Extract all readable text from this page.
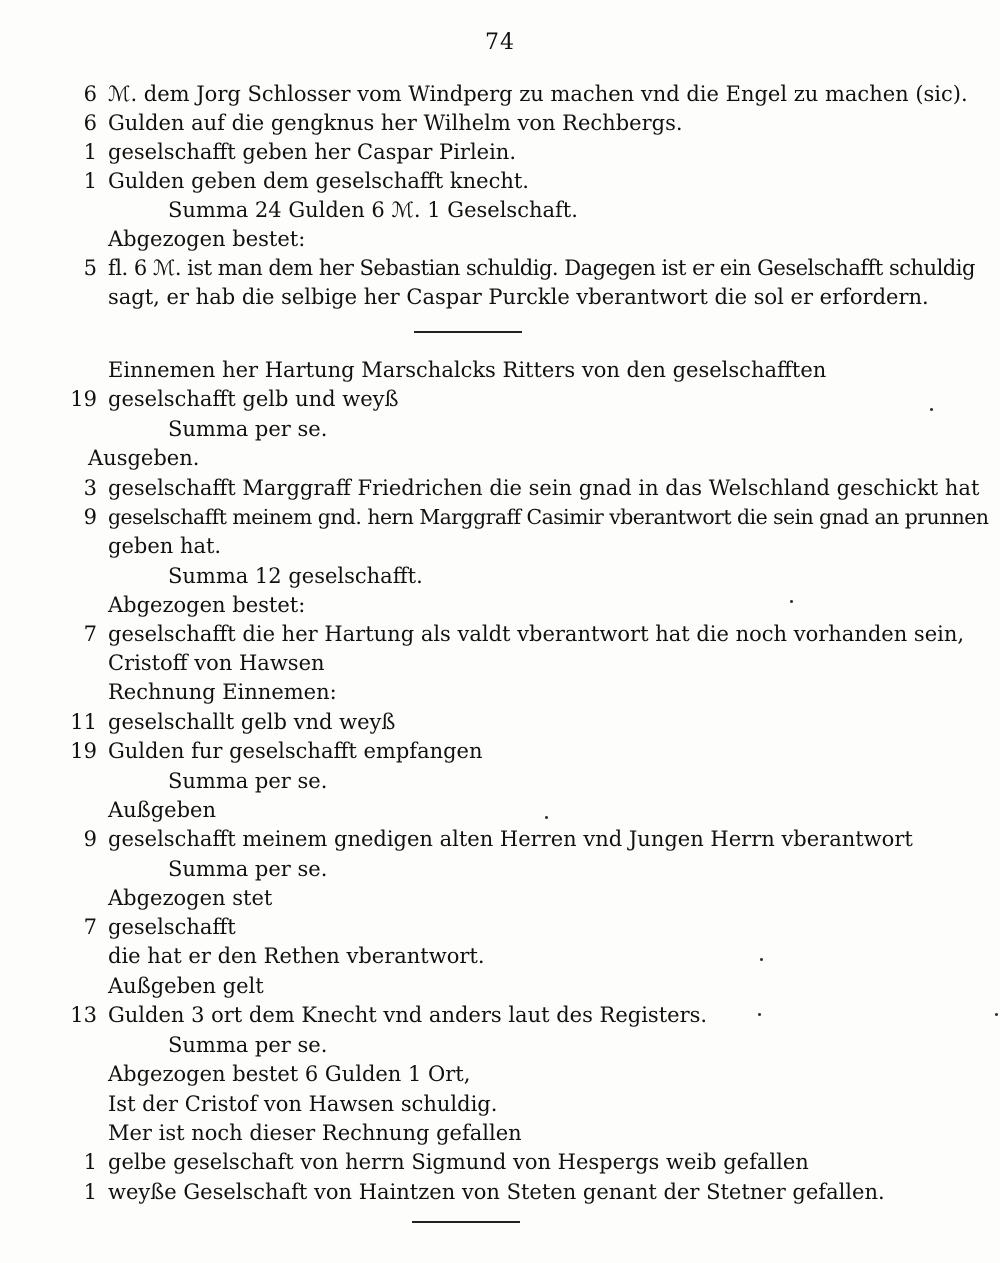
74
6 ℳ. dem Jorg Schlosser vom Windperg zu machen vnd die Engel zu machen (sic).
6 Gulden auf die gengknus her Wilhelm von Rechbergs.
1 geselschafft geben her Caspar Pirlein.
1 Gulden geben dem geselschafft knecht.
Summa 24 Gulden 6 ℳ. 1 Geselschaft.
Abgezogen bestet:
5 fl. 6 ℳ. ist man dem her Sebastian schuldig. Dagegen ist er ein Geselschafft schuldig
sagt, er hab die selbige her Caspar Purckle vberantwort die sol er erfordern.
Einnemen her Hartung Marschalcks Ritters von den geselschafften
19 geselschafft gelb und weyß
Summa per se.
Ausgeben.
3 geselschafft Marggraff Friedrichen die sein gnad in das Welschland geschickt hat
9 geselschafft meinem gnd. hern Marggraff Casimir vberantwort die sein gnad an prunnen
geben hat.
Summa 12 geselschafft.
Abgezogen bestet:
7 geselschafft die her Hartung als valdt vberantwort hat die noch vorhanden sein,
Cristoff von Hawsen
Rechnung Einnemen:
11 geselschallt gelb vnd weyß
19 Gulden fur geselschafft empfangen
Summa per se.
Außgeben
9 geselschafft meinem gnedigen alten Herren vnd Jungen Herrn vberantwort
Summa per se.
Abgezogen stet
7 geselschafft
die hat er den Rethen vberantwort.
Außgeben gelt
13 Gulden 3 ort dem Knecht vnd anders laut des Registers.
Summa per se.
Abgezogen bestet 6 Gulden 1 Ort,
Ist der Cristof von Hawsen schuldig.
Mer ist noch dieser Rechnung gefallen
1 gelbe geselschaft von herrn Sigmund von Hespergs weib gefallen
1 weyße Geselschaft von Haintzen von Steten genant der Stetner gefallen.
